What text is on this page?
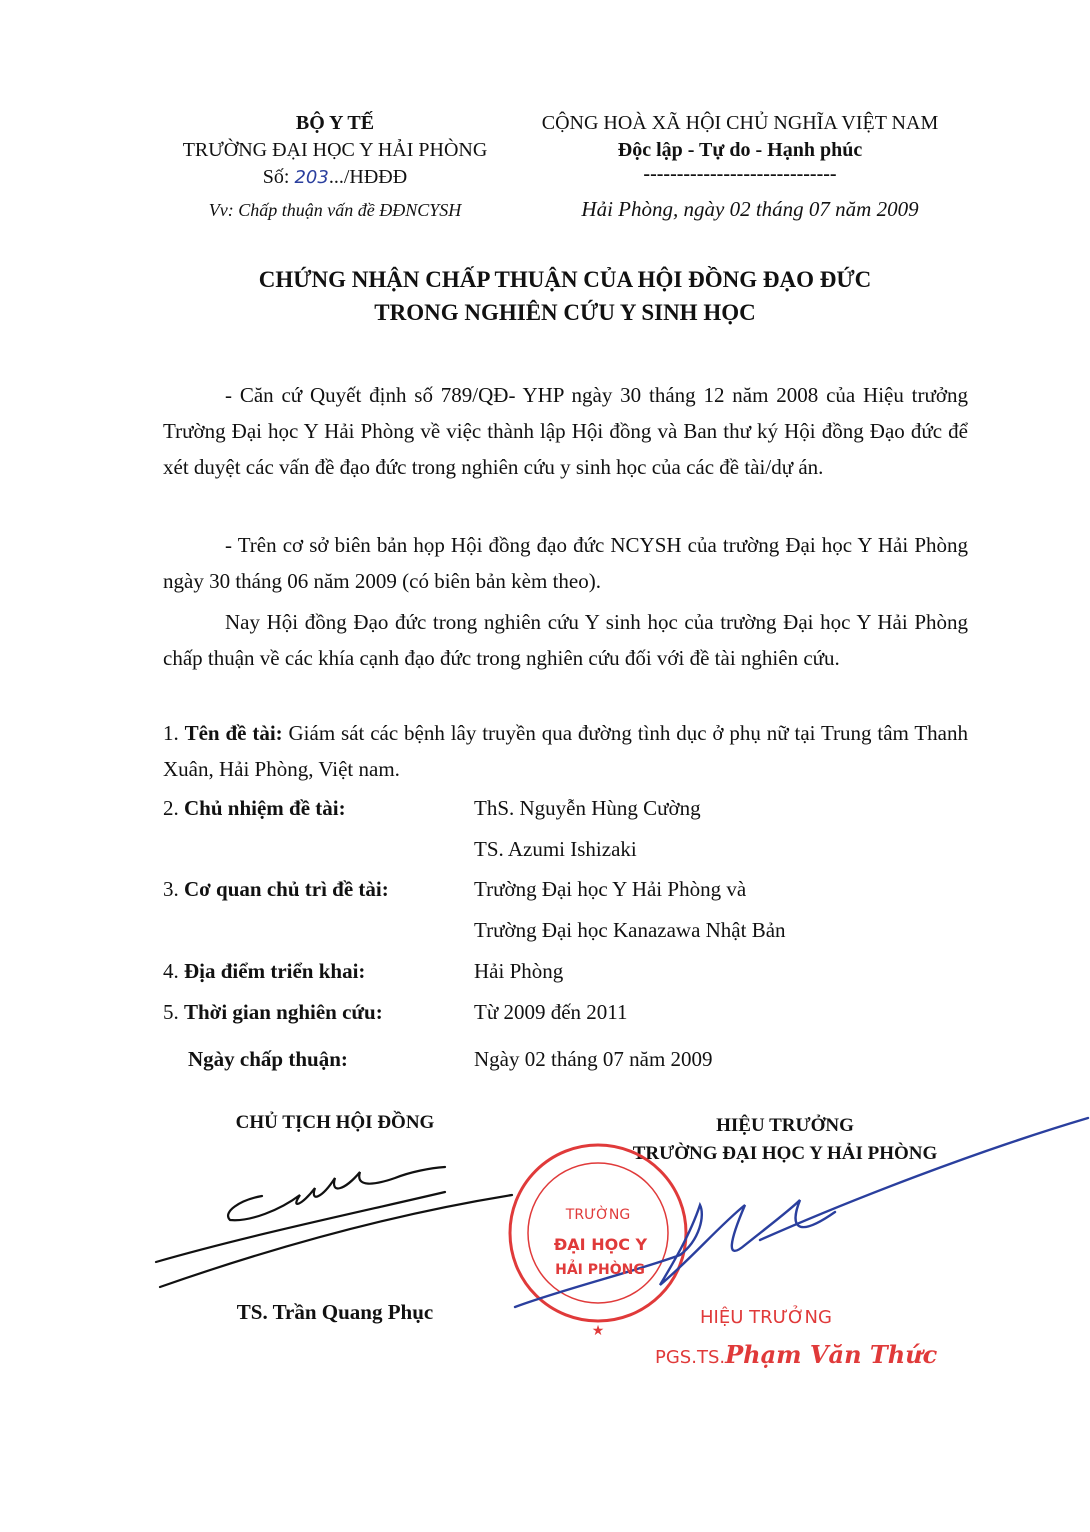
BỘ Y TẾ
TRƯỜNG ĐẠI HỌC Y HẢI PHÒNG
Số: 203.../HĐĐĐ
CỘNG HOÀ XÃ HỘI CHỦ NGHĨA VIỆT NAM
Độc lập - Tự do - Hạnh phúc
-----------------------------
Vv: Chấp thuận vấn đề ĐĐNCYSH	Hải Phòng, ngày 02 tháng 07 năm 2009
CHỨNG NHẬN CHẤP THUẬN CỦA HỘI ĐỒNG ĐẠO ĐỨC
TRONG NGHIÊN CỨU Y SINH HỌC
- Căn cứ Quyết định số 789/QĐ- YHP ngày 30 tháng 12 năm 2008 của Hiệu trưởng Trường Đại học Y Hải Phòng về việc thành lập Hội đồng và Ban thư ký Hội đồng Đạo đức để xét duyệt các vấn đề đạo đức trong nghiên cứu y sinh học của các đề tài/dự án.
- Trên cơ sở biên bản họp Hội đồng đạo đức NCYSH của trường Đại học Y Hải Phòng ngày 30 tháng 06 năm 2009 (có biên bản kèm theo).
Nay Hội đồng Đạo đức trong nghiên cứu Y sinh học của trường Đại học Y Hải Phòng chấp thuận về các khía cạnh đạo đức trong nghiên cứu đối với đề tài nghiên cứu.
1. Tên đề tài: Giám sát các bệnh lây truyền qua đường tình dục ở phụ nữ tại Trung tâm Thanh Xuân, Hải Phòng, Việt nam.
2. Chủ nhiệm đề tài:	ThS. Nguyễn Hùng Cường
TS. Azumi Ishizaki
3. Cơ quan chủ trì đề tài:	Trường Đại học Y Hải Phòng và
Trường Đại học Kanazawa Nhật Bản
4. Địa điểm triển khai:	Hải Phòng
5. Thời gian nghiên cứu:	Từ 2009 đến 2011
Ngày chấp thuận:	Ngày 02 tháng 07 năm 2009
CHỦ TỊCH HỘI ĐỒNG	HIỆU TRƯỞNG
TRƯỜNG ĐẠI HỌC Y HẢI PHÒNG
★
TRƯỜNG
ĐẠI HỌC Y
HẢI PHÒNG
HIỆU TRƯỞNG
PGS.TS.Phạm Văn Thức
TS. Trần Quang Phục
